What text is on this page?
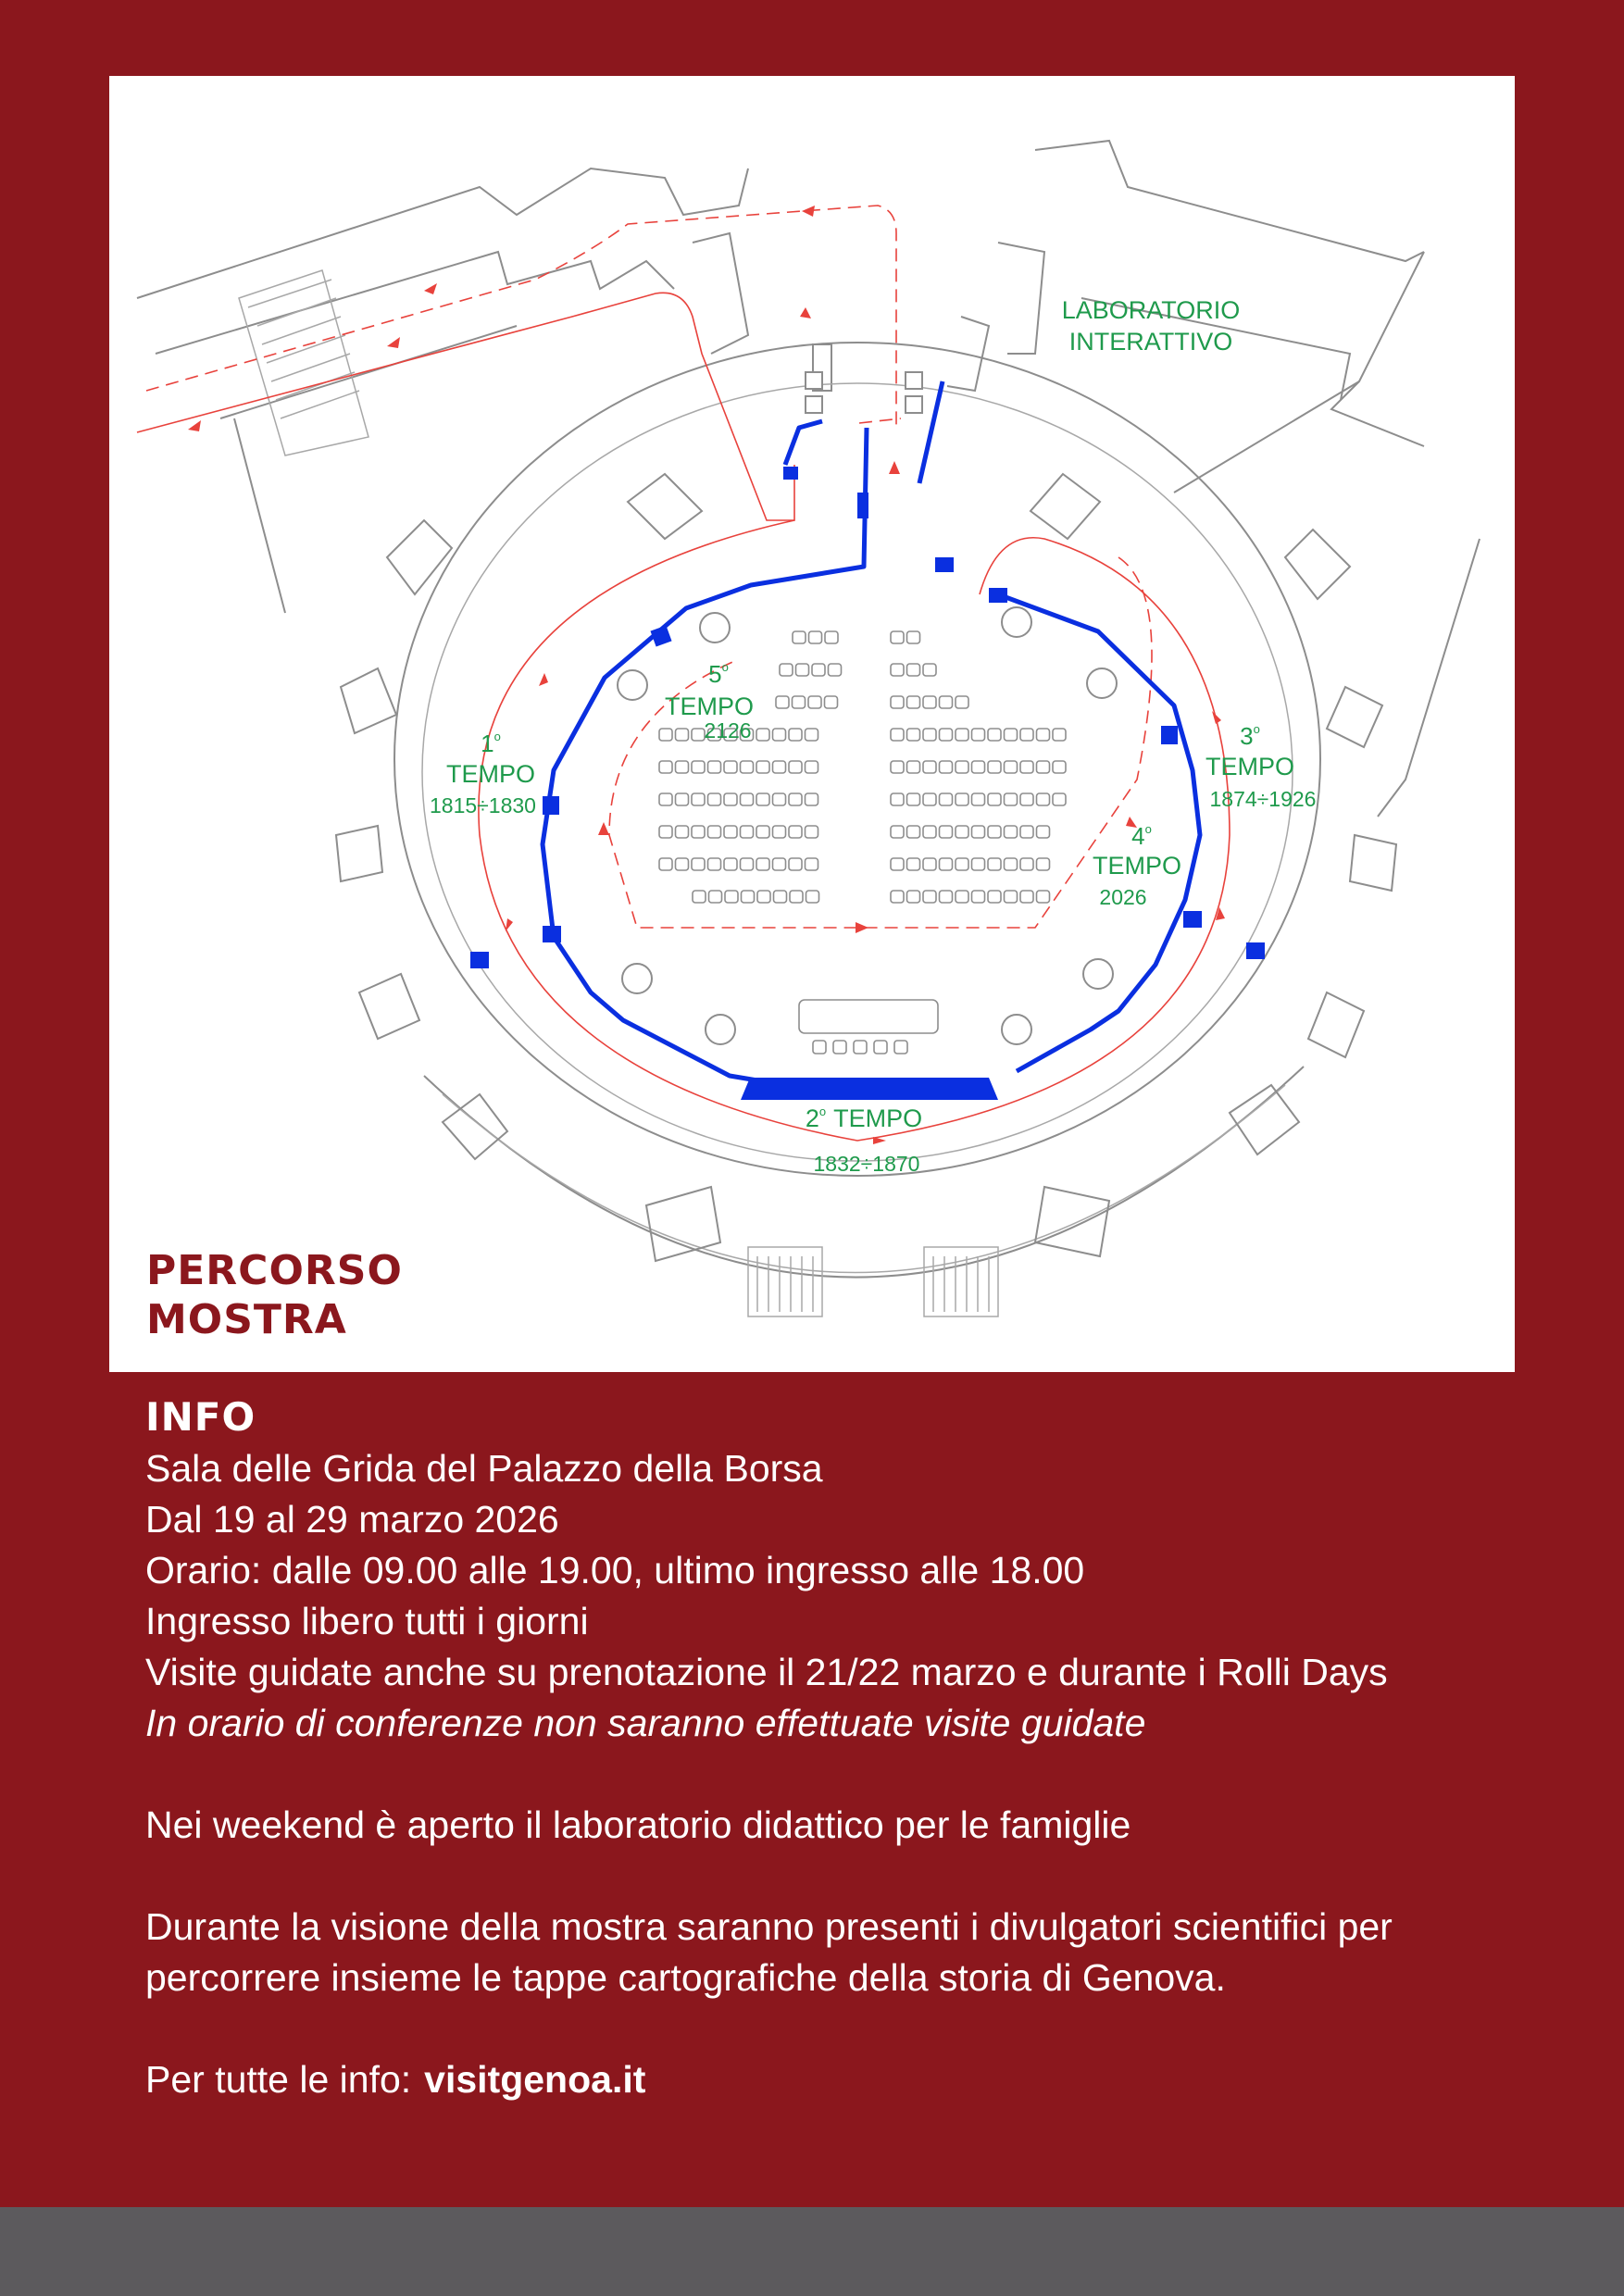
LABORATORIO
INTERATTIVO
1$^o$
TEMPO
1815÷1830
5$^o$
TEMPO
2126	3$^o$
TEMPO
1874÷1926
4$^o$
TEMPO
2026
2$^o$ TEMPO
1832÷1870
PERCORSO
MOSTRA
INFO
Sala delle Grida del Palazzo della Borsa
Dal 19 al 29 marzo 2026
Orario: dalle 09.00 alle 19.00, ultimo ingresso alle 18.00
Ingresso libero tutti i giorni
Visite guidate anche su prenotazione il 21/22 marzo e durante i Rolli Days
In orario di conferenze non saranno effettuate visite guidate
Nei weekend è aperto il laboratorio didattico per le famiglie
Durante la visione della mostra saranno presenti i divulgatori scientifici per
percorrere insieme le tappe cartografiche della storia di Genova.
Per tutte le info: visitgenoa.it
